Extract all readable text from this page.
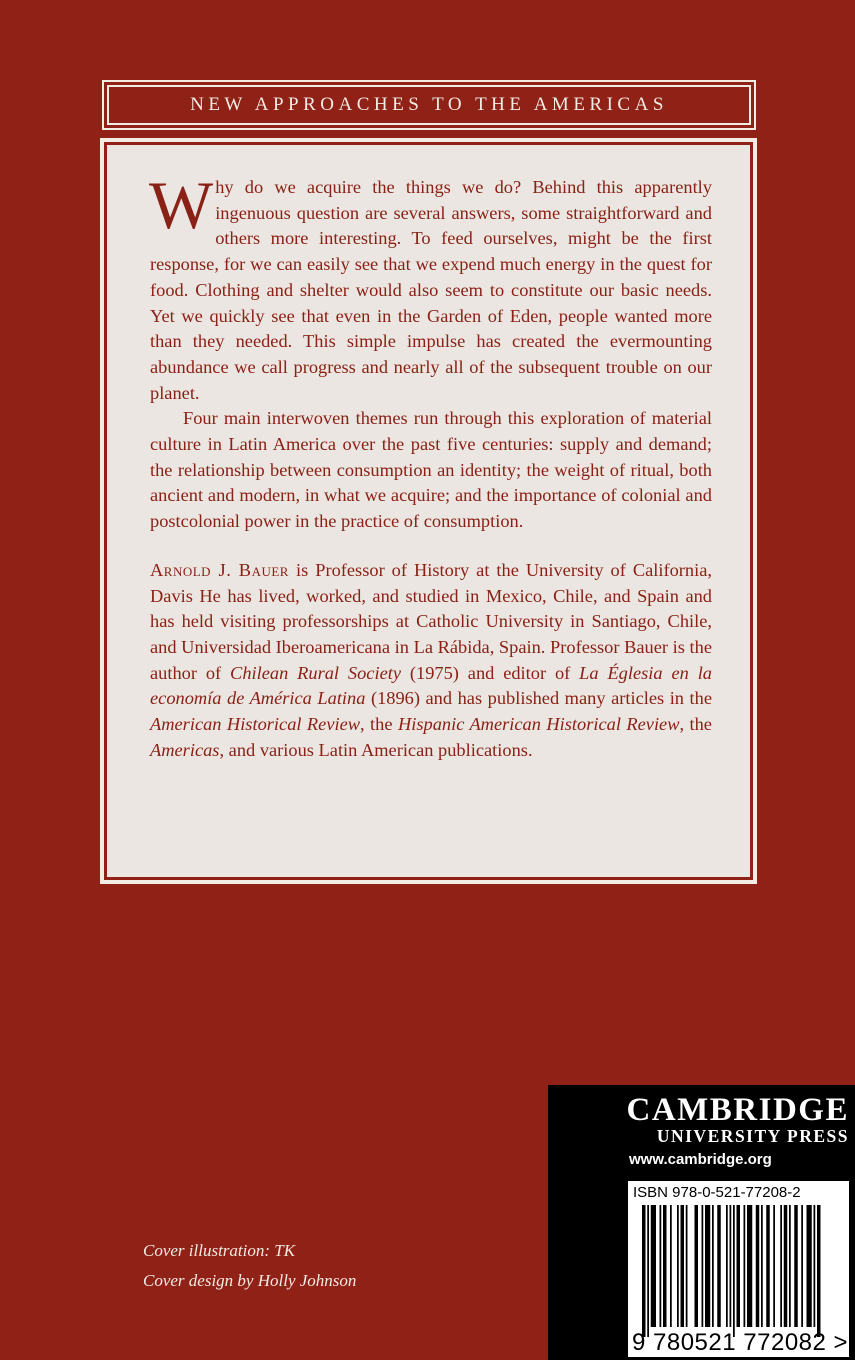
NEW APPROACHES TO THE AMERICAS

Why do we acquire the things we do? Behind this apparently ingenuous question are several answers, some straightforward and others more interesting. To feed ourselves, might be the first response, for we can easily see that we expend much energy in the quest for food. Clothing and shelter would also seem to constitute our basic needs. Yet we quickly see that even in the Garden of Eden, people wanted more than they needed. This simple impulse has created the evermounting abundance we call progress and nearly all of the subsequent trouble on our planet.

Four main interwoven themes run through this exploration of material culture in Latin America over the past five centuries: supply and demand; the relationship between consumption an identity; the weight of ritual, both ancient and modern, in what we acquire; and the importance of colonial and postcolonial power in the practice of consumption.

Arnold J. Bauer is Professor of History at the University of California, Davis He has lived, worked, and studied in Mexico, Chile, and Spain and has held visiting professorships at Catholic University in Santiago, Chile, and Universidad Iberoamericana in La Rábida, Spain. Professor Bauer is the author of Chilean Rural Society (1975) and editor of La Églesia en la economía de América Latina (1896) and has published many articles in the American Historical Review, the Hispanic American Historical Review, the Americas, and various Latin American publications.

Cover illustration: TK
Cover design by Holly Johnson
CAMBRIDGE
UNIVERSITY PRESS
www.cambridge.org
ISBN 978-0-521-77208-2
9 780521 772082 >
